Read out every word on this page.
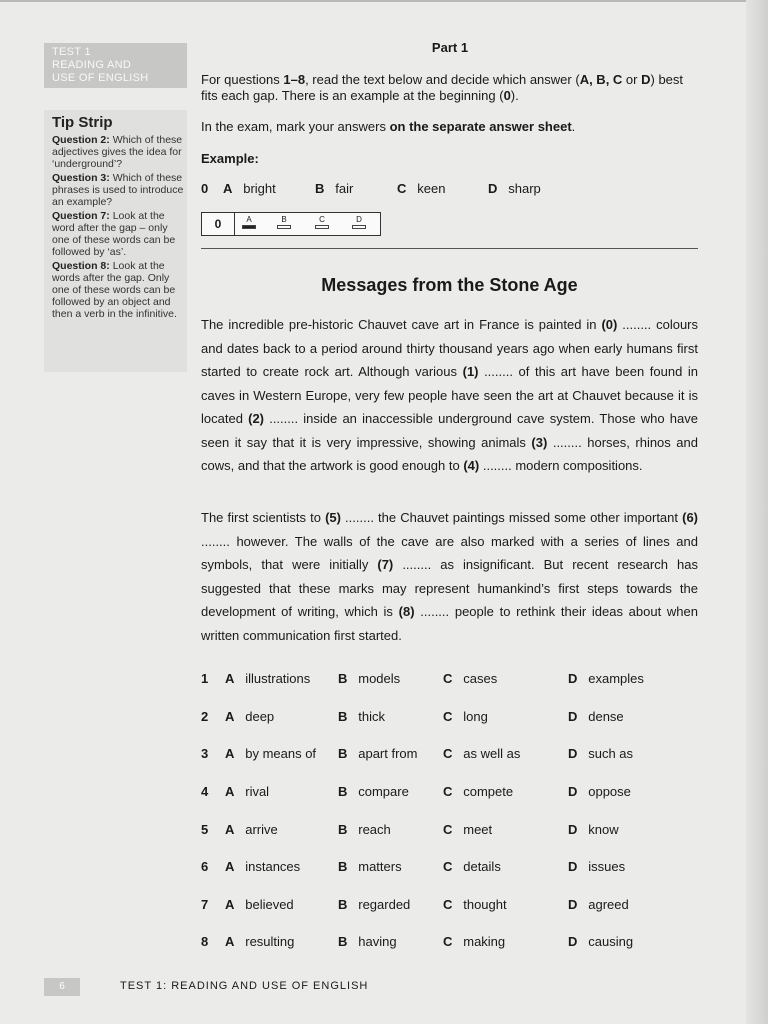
TEST 1
READING AND
USE OF ENGLISH
Tip Strip
Question 2: Which of these adjectives gives the idea for ‘underground’?
Question 3: Which of these phrases is used to introduce an example?
Question 7: Look at the word after the gap – only one of these words can be followed by ‘as’.
Question 8: Look at the words after the gap. Only one of these words can be followed by an object and then a verb in the infinitive.
Part 1
For questions 1–8, read the text below and decide which answer (A, B, C or D) best fits each gap. There is an example at the beginning (0).
In the exam, mark your answers on the separate answer sheet.
Example:
0 A bright	B fair	C keen	D sharp
0	A	B	C	D
Messages from the Stone Age
The incredible pre-historic Chauvet cave art in France is painted in (0) ........ colours and dates back to a period around thirty thousand years ago when early humans first started to create rock art. Although various (1) ........ of this art have been found in caves in Western Europe, very few people have seen the art at Chauvet because it is located (2) ........ inside an inaccessible underground cave system. Those who have seen it say that it is very impressive, showing animals (3) ........ horses, rhinos and cows, and that the artwork is good enough to (4) ........ modern compositions.
The first scientists to (5) ........ the Chauvet paintings missed some other important (6) ........ however. The walls of the cave are also marked with a series of lines and symbols, that were initially (7) ........ as insignificant. But recent research has suggested that these marks may represent humankind’s first steps towards the development of writing, which is (8) ........ people to rethink their ideas about when written communication first started.
1 A illustrations B models	C cases	D examples
2 A deep	B thick	C long	D dense
3 A by means of B apart from C as well as	D such as
4 A rival	B compare	C compete	D oppose
5 A arrive	B reach	C meet	D know
6 A instances	B matters	C details	D issues
7 A believed	B regarded	C thought	D agreed
8 A resulting	B having	C making	D causing
6	TEST 1: READING AND USE OF ENGLISH
